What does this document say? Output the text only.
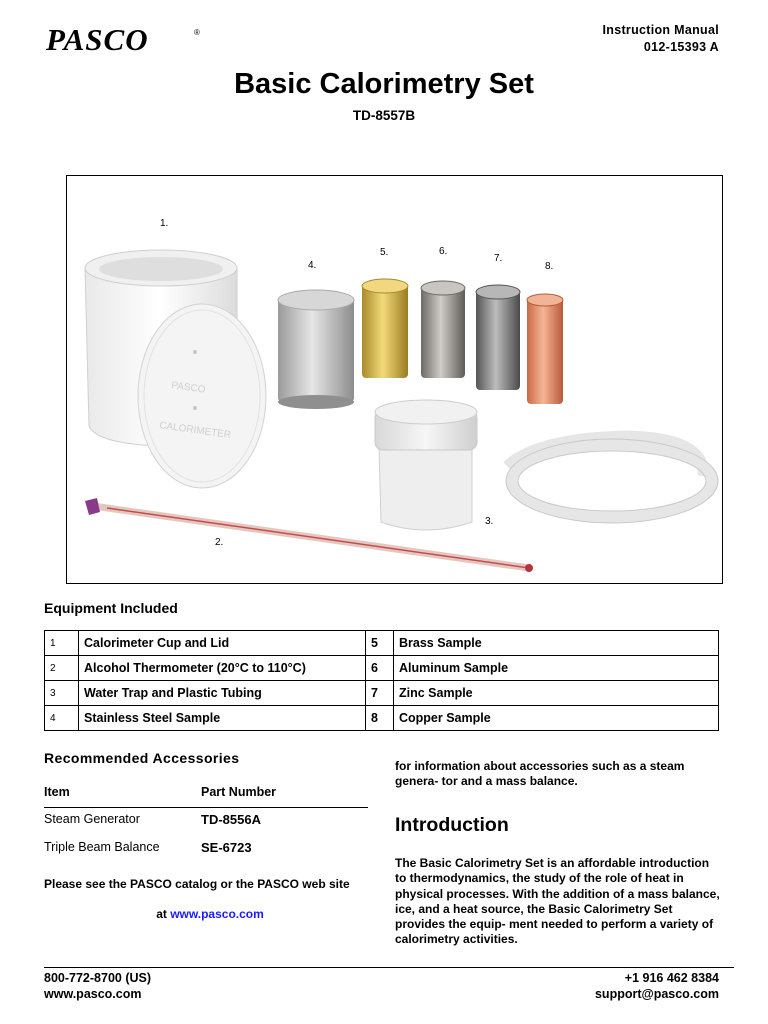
PASCO	®	Instruction Manual
012-15393 A
Basic Calorimetry Set
TD-8557B
PASCO
CALORIMETER
1.
2.
3.
4.
5.	6.
7.
8.
Equipment Included
1	Calorimeter Cup and Lid	5	Brass Sample
2	Alcohol Thermometer (20°C to 110°C)	6	Aluminum Sample
3	Water Trap and Plastic Tubing	7	Zinc Sample
4	Stainless Steel Sample	8	Copper Sample
Recommended Accessories
Item	Part Number
Steam Generator	TD-8556A
Triple Beam Balance	SE-6723
Please see the PASCO catalog or the PASCO web site
at www.pasco.com
for information about accessories such as a steam genera- tor and a mass balance.
Introduction
The Basic Calorimetry Set is an affordable introduction to thermodynamics, the study of the role of heat in physical processes. With the addition of a mass balance, ice, and a heat source, the Basic Calorimetry Set provides the equip- ment needed to perform a variety of calorimetry activities.
800-772-8700 (US)
www.pasco.com
+1 916 462 8384
support@pasco.com
